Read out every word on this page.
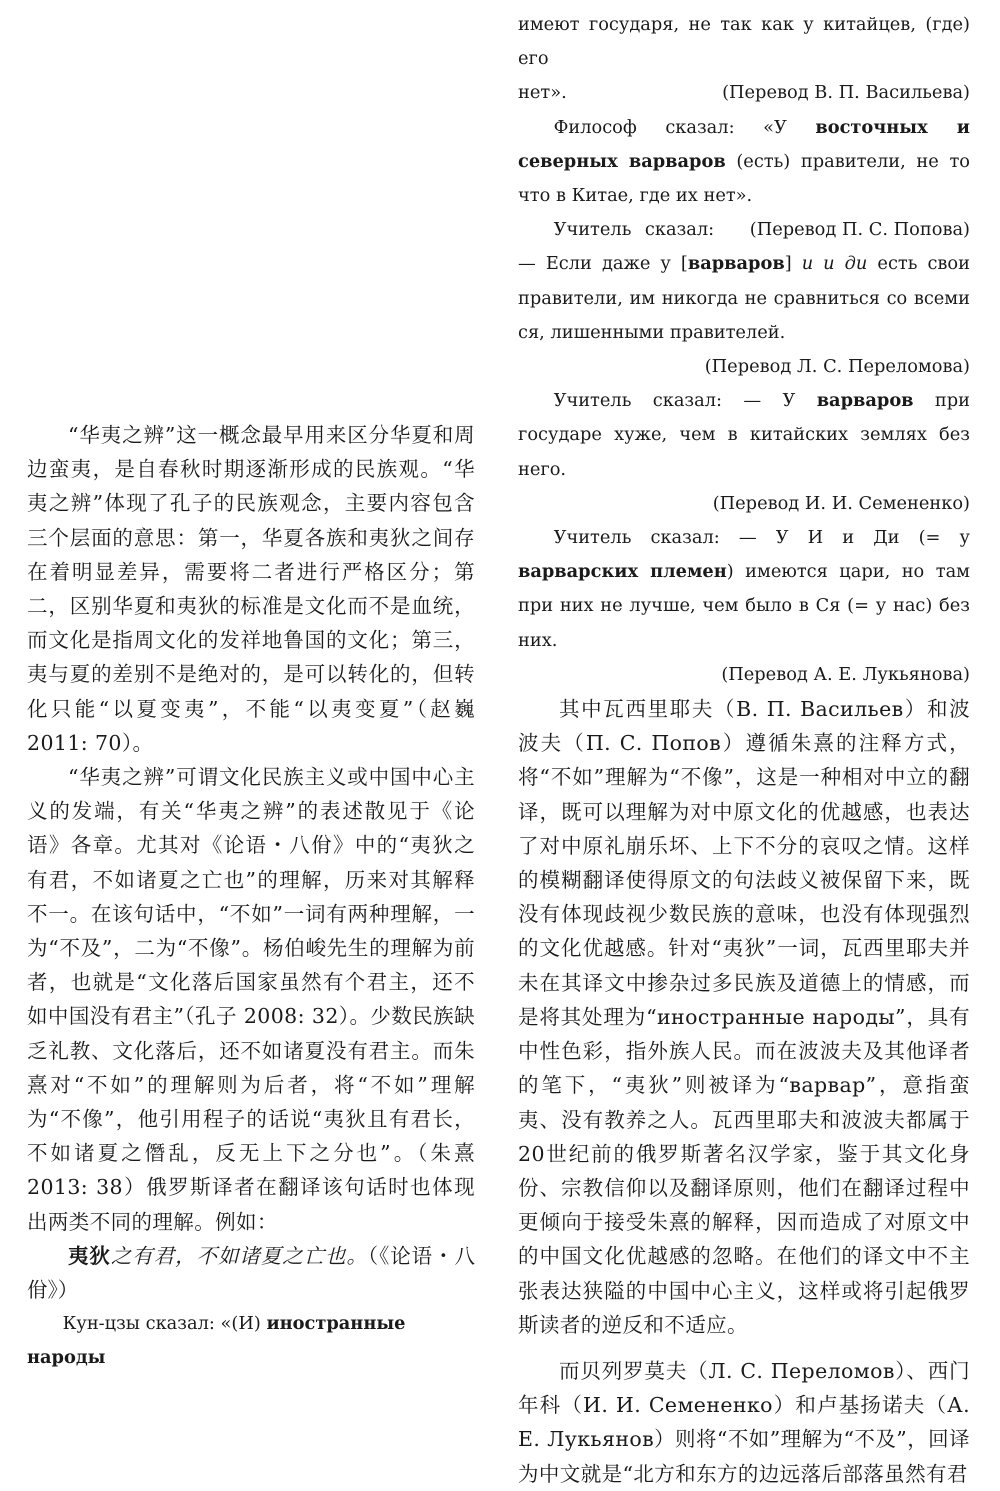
“华夷之辨”这一概念最早用来区分华夏和周边蛮夷，是自春秋时期逐渐形成的民族观。“华夷之辨”体现了孔子的民族观念，主要内容包含三个层面的意思：第一，华夏各族和夷狄之间存在着明显差异，需要将二者进行严格区分；第二，区别华夏和夷狄的标准是文化而不是血统，而文化是指周文化的发祥地鲁国的文化；第三，夷与夏的差别不是绝对的，是可以转化的，但转化只能“以夏变夷”，不能“以夷变夏”（赵巍 2011: 70）。

“华夷之辨”可谓文化民族主义或中国中心主义的发端，有关“华夷之辨”的表述散见于《论语》各章。尤其对《论语・八佾》中的“夷狄之有君，不如诸夏之亡也”的理解，历来对其解释不一。在该句话中，“不如”一词有两种理解，一为“不及”，二为“不像”。杨伯峻先生的理解为前者，也就是“文化落后国家虽然有个君主，还不如中国没有君主”（孔子 2008: 32）。少数民族缺乏礼教、文化落后，还不如诸夏没有君主。而朱熹对“不如”的理解则为后者，将“不如”理解为“不像”，他引用程子的话说“夷狄且有君长，不如诸夏之僭乱，反无上下之分也”。（朱熹 2013: 38）俄罗斯译者在翻译该句话时也体现出两类不同的理解。例如：

夷狄之有君，不如诸夏之亡也。（《论语・八佾》）

Кун-цзы сказал: «(И) иностранные народы

имеют государя, не так как у китайцев, (где) его
нет».	(Перевод В. П. Васильева)

Философ сказал: «У восточных и северных варваров (есть) правители, не то что в Китае, где их нет».
(Перевод П. С. Попова)

Учитель сказал: — Если даже у [варваров] и и ди есть свои правители, им никогда не сравниться со всеми ся, лишенными правителей.

(Перевод Л. С. Переломова)

Учитель сказал: — У варваров при государе хуже, чем в китайских землях без него.

(Перевод И. И. Семененко)

Учитель сказал: — У И и Ди (= у варварских племен) имеются цари, но там при них не лучше, чем было в Ся (= у нас) без них.

(Перевод А. Е. Лукьянова)

其中瓦西里耶夫（В. П. Васильев）和波波夫（П. С. Попов）遵循朱熹的注释方式，将“不如”理解为“不像”，这是一种相对中立的翻译，既可以理解为对中原文化的优越感，也表达了对中原礼崩乐坏、上下不分的哀叹之情。这样的模糊翻译使得原文的句法歧义被保留下来，既没有体现歧视少数民族的意味，也没有体现强烈的文化优越感。针对“夷狄”一词，瓦西里耶夫并未在其译文中掺杂过多民族及道德上的情感，而是将其处理为“иностранные народы”，具有中性色彩，指外族人民。而在波波夫及其他译者的笔下，“夷狄”则被译为“варвар”，意指蛮夷、没有教养之人。瓦西里耶夫和波波夫都属于20世纪前的俄罗斯著名汉学家，鉴于其文化身份、宗教信仰以及翻译原则，他们在翻译过程中更倾向于接受朱熹的解释，因而造成了对原文中的中国文化优越感的忽略。在他们的译文中不主张表达狭隘的中国中心主义，这样或将引起俄罗斯读者的逆反和不适应。

而贝列罗莫夫（Л. С. Переломов）、西门年科（И. И. Семененко）和卢基扬诺夫（А. Е. Лукьянов）则将“不如”理解为“不及”，回译为中文就是“北方和东方的边远落后部落虽然有君
